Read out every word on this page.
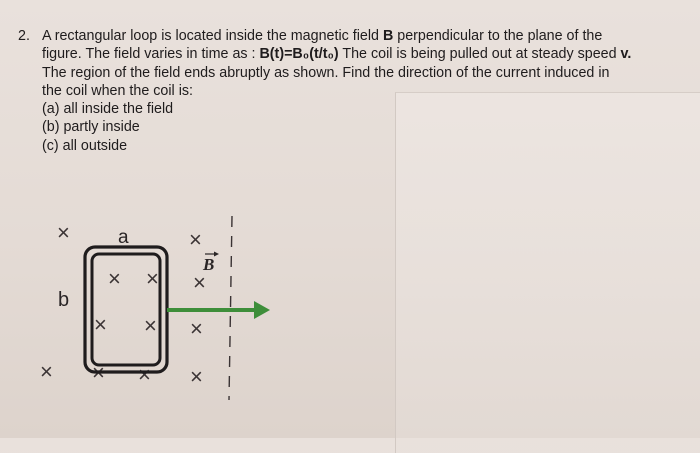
2. A rectangular loop is located inside the magnetic field B perpendicular to the plane of the
figure. The field varies in time as : B(t)=B₀(t/t₀) The coil is being pulled out at steady speed v.
The region of the field ends abruptly as shown. Find the direction of the current induced in
the coil when the coil is:
(a) all inside the field
(b) partly inside
(c) all outside
×	×
× × ×
× × ×
× × × ×
a
b
B
